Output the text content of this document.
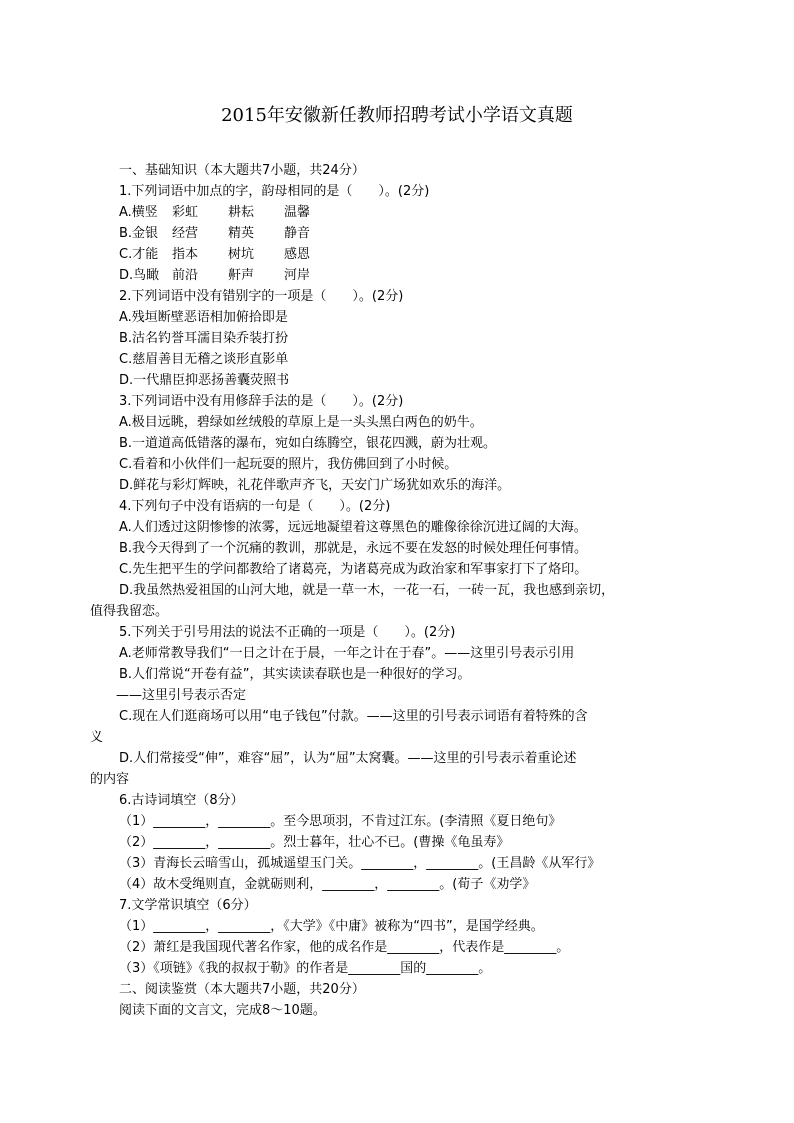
2015年安徽新任教师招聘考试小学语文真题
一、基础知识（本大题共7小题，共24分）
1.下列词语中加点的字，韵母相同的是（　　）。(2分)
A.横竖 彩虹 耕耘 温馨
B.金银 经营 精英 静音
C.才能 指本 树坑 感恩
D.鸟瞰 前沿 鼾声 河岸
2.下列词语中没有错别字的一项是（　　）。(2分)
A.残垣断壁恶语相加俯拾即是
B.沽名钓誉耳濡目染乔装打扮
C.慈眉善目无稽之谈形直影单
D.一代鼎臣抑恶扬善囊荧照书
3.下列词语中没有用修辞手法的是（　　）。(2分)
A.极目远眺，碧绿如丝绒般的草原上是一头头黑白两色的奶牛。
B.一道道高低错落的瀑布，宛如白练腾空，银花四溅，蔚为壮观。
C.看着和小伙伴们一起玩耍的照片，我仿佛回到了小时候。
D.鲜花与彩灯辉映，礼花伴歌声齐飞，天安门广场犹如欢乐的海洋。
4.下列句子中没有语病的一句是（　　）。(2分)
A.人们透过这阴惨惨的浓雾，远远地凝望着这尊黑色的雕像徐徐沉进辽阔的大海。
B.我今天得到了一个沉痛的教训，那就是，永远不要在发怒的时候处理任何事情。
C.先生把平生的学问都教给了诸葛亮，为诸葛亮成为政治家和军事家打下了烙印。
D.我虽然热爱祖国的山河大地，就是一草一木，一花一石，一砖一瓦，我也感到亲切，
值得我留恋。
5.下列关于引号用法的说法不正确的一项是（　　）。(2分)
A.老师常教导我们“一日之计在于晨，一年之计在于春”。——这里引号表示引用
B.人们常说“开卷有益”，其实读读春联也是一种很好的学习。
——这里引号表示否定
C.现在人们逛商场可以用“电子钱包”付款。——这里的引号表示词语有着特殊的含
义
D.人们常接受“伸”，难容“屈”，认为“屈”太窝囊。——这里的引号表示着重论述
的内容
6.古诗词填空（8分）
（1）________，________。至今思项羽，不肯过江东。(李清照《夏日绝句》
（2）________，________。烈士暮年，壮心不已。(曹操《龟虽寿》
（3）青海长云暗雪山，孤城遥望玉门关。________，________。(王昌龄《从军行》
（4）故木受绳则直，金就砺则利，________，________。(荀子《劝学》
7.文学常识填空（6分）
（1）________，________，《大学》《中庸》被称为“四书”，是国学经典。
（2）萧红是我国现代著名作家，他的成名作是________，代表作是________。
（3）《项链》《我的叔叔于勒》的作者是________国的________。
二、阅读鉴赏（本大题共7小题，共20分）
阅读下面的文言文，完成8～10题。
